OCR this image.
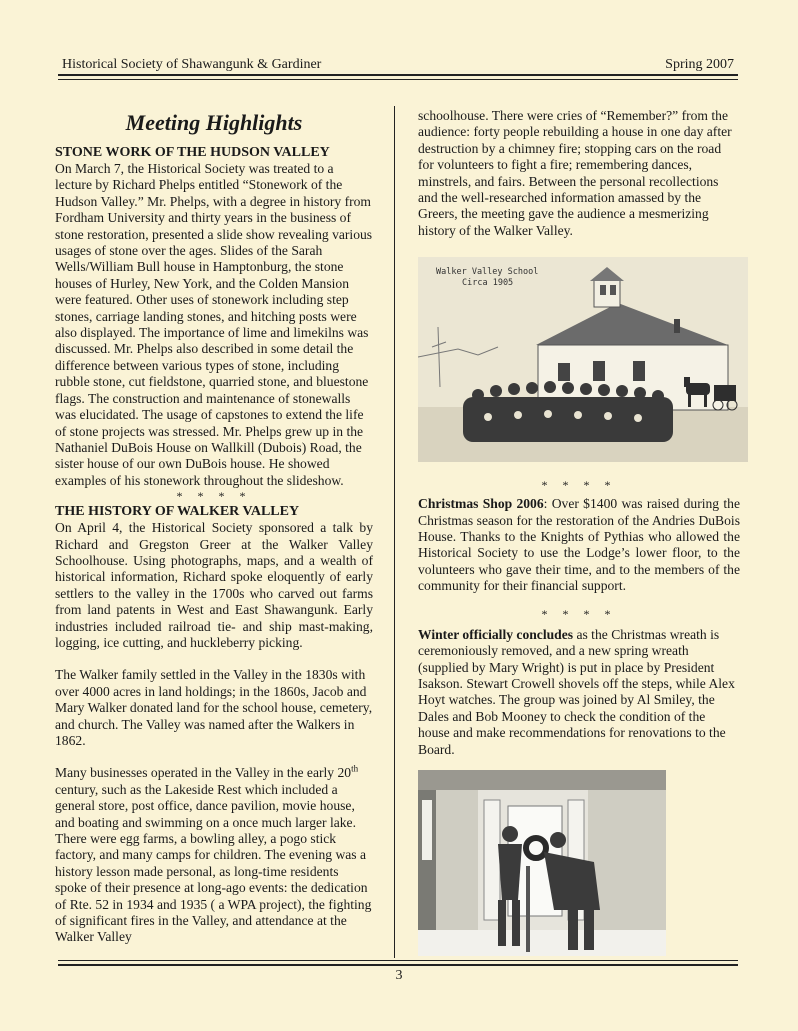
Historical Society of Shawangunk & Gardiner	Spring 2007
Meeting Highlights
STONE WORK OF THE HUDSON VALLEY

On March 7, the Historical Society was treated to a lecture by Richard Phelps entitled “Stonework of the Hudson Valley.” Mr. Phelps, with a degree in history from Fordham University and thirty years in the business of stone restoration, presented a slide show revealing various usages of stone over the ages. Slides of the Sarah Wells/William Bull house in Hamptonburg, the stone houses of Hurley, New York, and the Colden Mansion were featured. Other uses of stonework including step stones, carriage landing stones, and hitching posts were also displayed. The importance of lime and limekilns was discussed. Mr. Phelps also described in some detail the difference between various types of stone, including rubble stone, cut fieldstone, quarried stone, and bluestone flags. The construction and maintenance of stonewalls was elucidated. The usage of capstones to extend the life of stone projects was stressed. Mr. Phelps grew up in the Nathaniel DuBois House on Wallkill (Dubois) Road, the sister house of our own DuBois house. He showed examples of his stonework throughout the slideshow.

* * * *
THE HISTORY OF WALKER VALLEY

On April 4, the Historical Society sponsored a talk by Richard and Gregston Greer at the Walker Valley Schoolhouse. Using photographs, maps, and a wealth of historical information, Richard spoke eloquently of early settlers to the valley in the 1700s who carved out farms from land patents in West and East Shawangunk. Early industries included railroad tie- and ship mast-making, logging, ice cutting, and huckleberry picking.

The Walker family settled in the Valley in the 1830s with over 4000 acres in land holdings; in the 1860s, Jacob and Mary Walker donated land for the school house, cemetery, and church. The Valley was named after the Walkers in 1862.

Many businesses operated in the Valley in the early 20th century, such as the Lakeside Rest which included a general store, post office, dance pavilion, movie house, and boating and swimming on a once much larger lake. There were egg farms, a bowling alley, a pogo stick factory, and many camps for children. The evening was a history lesson made personal, as long-time residents spoke of their presence at long-ago events: the dedication of Rte. 52 in 1934 and 1935 ( a WPA project), the fighting of significant fires in the Valley, and attendance at the Walker Valley

schoolhouse. There were cries of “Remember?” from the audience: forty people rebuilding a house in one day after destruction by a chimney fire; stopping cars on the road for volunteers to fight a fire; remembering dances, minstrels, and fairs. Between the personal recollections and the well-researched information amassed by the Greers, the meeting gave the audience a mesmerizing history of the Walker Valley.

Walker Valley School
Circa 1905
* * * *

Christmas Shop 2006: Over $1400 was raised during the Christmas season for the restoration of the Andries DuBois House. Thanks to the Knights of Pythias who allowed the Historical Society to use the Lodge’s lower floor, to the volunteers who gave their time, and to the members of the community for their financial support.

* * * *

Winter officially concludes as the Christmas wreath is ceremoniously removed, and a new spring wreath (supplied by Mary Wright) is put in place by President Isakson. Stewart Crowell shovels off the steps, while Alex Hoyt watches. The group was joined by Al Smiley, the Dales and Bob Mooney to check the condition of the house and make recommendations for renovations to the Board.

3
